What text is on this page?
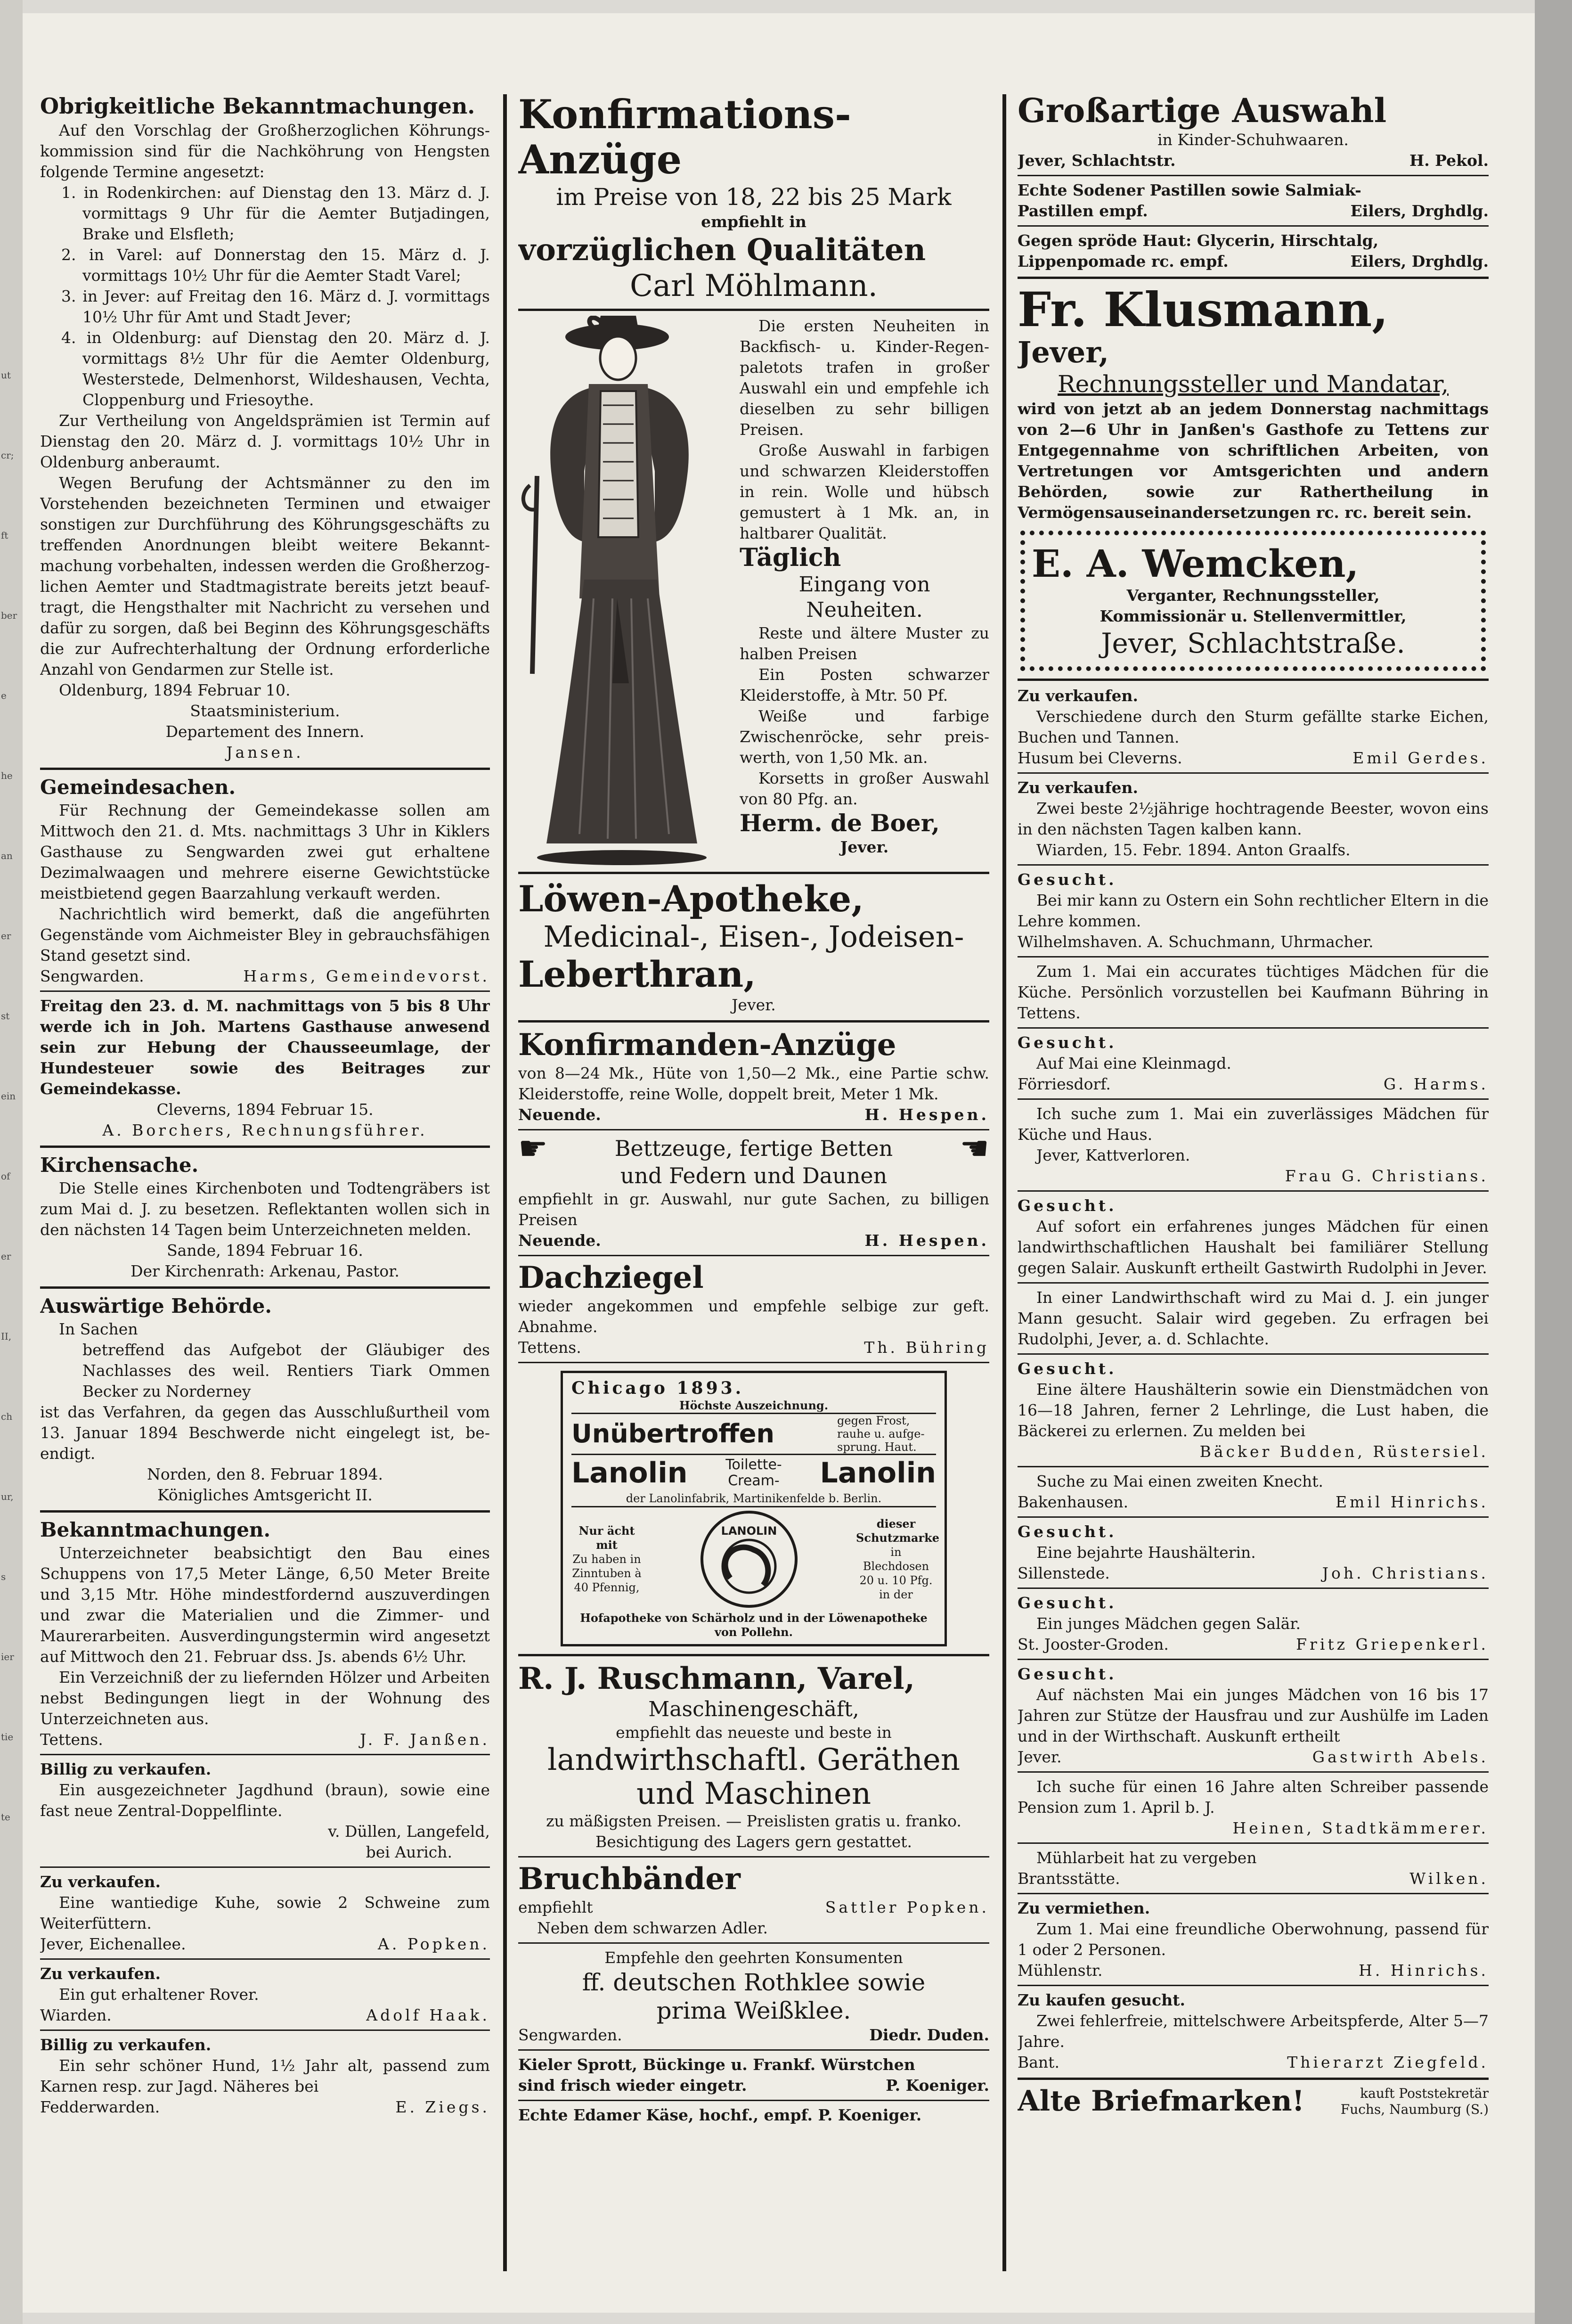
ut
cr;
ft
ber
e
he
an
er
st
ein
of
er
II,
ch
ur,
s
ier
tie
te

Obrigkeitliche Bekanntmachungen.

Auf den Vorschlag der Großherzoglichen Köhrungskommission sind für die Nachköhrung von Hengsten folgende Termine angesetzt:

1. in Rodenkirchen: auf Dienstag den 13. März d. J. vormittags 9 Uhr für die Aemter Butjadingen, Brake und Elsfleth;

2. in Varel: auf Donnerstag den 15. März d. J. vormittags 10½ Uhr für die Aemter Stadt Varel;

3. in Jever: auf Freitag den 16. März d. J. vormittags 10½ Uhr für Amt und Stadt Jever;

4. in Oldenburg: auf Dienstag den 20. März d. J. vormittags 8½ Uhr für die Aemter Oldenburg, Westerstede, Delmenhorst, Wildeshausen, Vechta, Cloppenburg und Friesoythe.

Zur Vertheilung von Angeldsprämien ist Termin auf Dienstag den 20. März d. J. vormittags 10½ Uhr in Oldenburg anberaumt.

Wegen Berufung der Achtsmänner zu den im Vorstehenden bezeichneten Terminen und etwaiger sonstigen zur Durchführung des Köhrungsgeschäfts zu treffenden Anordnungen bleibt weitere Bekanntmachung vorbehalten, indessen werden die Großherzoglichen Aemter und Stadtmagistrate bereits jetzt beauftragt, die Hengsthalter mit Nachricht zu versehen und dafür zu sorgen, daß bei Beginn des Köhrungsgeschäfts die zur Aufrechterhaltung der Ordnung erforderliche Anzahl von Gendarmen zur Stelle ist.

Oldenburg, 1894 Februar 10.

Staatsministerium.

Departement des Innern.

Jansen.

Gemeindesachen.

Für Rechnung der Gemeindekasse sollen am Mittwoch den 21. d. Mts. nachmittags 3 Uhr in Kiklers Gasthause zu Sengwarden zwei gut erhaltene Dezimalwaagen und mehrere eiserne Gewichtstücke meistbietend gegen Baarzahlung verkauft werden.

Nachrichtlich wird bemerkt, daß die angeführten Gegenstände vom Aichmeister Bley in gebrauchsfähigen Stand gesetzt sind.

Sengwarden.	Harms, Gemeindevorst.

Freitag den 23. d. M. nachmittags von 5 bis 8 Uhr werde ich in Joh. Martens Gasthause anwesend sein zur Hebung der Chausseeumlage, der Hundesteuer sowie des Beitrages zur Gemeindekasse.

Cleverns, 1894 Februar 15.

A. Borchers, Rechnungsführer.

Kirchensache.

Die Stelle eines Kirchenboten und Todtengräbers ist zum Mai d. J. zu besetzen. Reflektanten wollen sich in den nächsten 14 Tagen beim Unterzeichneten melden.

Sande, 1894 Februar 16.

Der Kirchenrath: Arkenau, Pastor.

Auswärtige Behörde.

In Sachen

betreffend das Aufgebot der Gläubiger des Nachlasses des weil. Rentiers Tiark Ommen Becker zu Norderney

ist das Verfahren, da gegen das Ausschlußurtheil vom 13. Januar 1894 Beschwerde nicht eingelegt ist, beendigt.

Norden, den 8. Februar 1894.

Königliches Amtsgericht II.

Bekanntmachungen.

Unterzeichneter beabsichtigt den Bau eines Schuppens von 17,5 Meter Länge, 6,50 Meter Breite und 3,15 Mtr. Höhe mindestfordernd auszuverdingen und zwar die Materialien und die Zimmer- und Maurerarbeiten. Ausverdingungstermin wird angesetzt auf Mittwoch den 21. Februar dss. Js. abends 6½ Uhr.

Ein Verzeichniß der zu liefernden Hölzer und Arbeiten nebst Bedingungen liegt in der Wohnung des Unterzeichneten aus.

Tettens.	J. F. Janßen.

Billig zu verkaufen.

Ein ausgezeichneter Jagdhund (braun), sowie eine fast neue Zentral-Doppelflinte.

v. Düllen, Langefeld,

bei Aurich.

Zu verkaufen.

Eine wantiedige Kuhe, sowie 2 Schweine zum Weiterfüttern.

Jever, Eichenallee.	A. Popken.

Zu verkaufen.

Ein gut erhaltener Rover.

Wiarden.	Adolf Haak.

Billig zu verkaufen.

Ein sehr schöner Hund, 1½ Jahr alt, passend zum Karnen resp. zur Jagd. Näheres bei

Fedderwarden.	E. Ziegs.

Konfirmations-Anzüge

im Preise von 18, 22 bis 25 Mark

empfiehlt in

vorzüglichen Qualitäten

Carl Möhlmann.

Die ersten Neuheiten in Backfisch- u. Kinder-Regenpaletots trafen in großer Auswahl ein und empfehle ich dieselben zu sehr billigen Preisen.

Große Auswahl in farbigen und schwarzen Kleiderstoffen in rein. Wolle und hübsch gemustert à 1 Mk. an, in haltbarer Qualität.

Täglich

Eingang von Neuheiten.

Reste und ältere Muster zu halben Preisen

Ein Posten schwarzer Kleiderstoffe, à Mtr. 50 Pf.

Weiße und farbige Zwischenröcke, sehr preiswerth, von 1,50 Mk. an.

Korsetts in großer Auswahl von 80 Pfg. an.

Herm. de Boer,

Jever.

Löwen-Apotheke,

Medicinal-, Eisen-, Jodeisen-

Leberthran,

Jever.

Konfirmanden-Anzüge

von 8—24 Mk., Hüte von 1,50—2 Mk., eine Partie schw. Kleiderstoffe, reine Wolle, doppelt breit, Meter 1 Mk.

Neuende.	H. Hespen.
☛	Bettzeuge, fertige Betten ☚

und Federn und Daunen

empfiehlt in gr. Auswahl, nur gute Sachen, zu billigen Preisen

Neuende.	H. Hespen.

Dachziegel

wieder angekommen und empfehle selbige zur geft. Abnahme.

Tettens.	Th. Bühring

Chicago 1893.

Höchste Auszeichnung.

Unübertroffen	gegen Frost, rauhe u. aufgesprung. Haut.
Lanolin	Toilette-Cream-	Lanolin

der Lanolinfabrik, Martinikenfelde b. Berlin.

Nur ächt mit

Zu haben in Zinntuben à 40 Pfennig,

LANOLIN

dieser Schutzmarke

in Blechdosen 20 u. 10 Pfg. in der

Hofapotheke von Schärholz und in der Löwenapotheke von Pollehn.

R. J. Ruschmann, Varel,

Maschinengeschäft,

empfiehlt das neueste und beste in

landwirthschaftl. Geräthen

und Maschinen

zu mäßigsten Preisen. — Preislisten gratis u. franko.

Besichtigung des Lagers gern gestattet.

Bruchbänder

empfiehlt	Sattler Popken.

Neben dem schwarzen Adler.

Empfehle den geehrten Konsumenten

ff. deutschen Rothklee sowie

prima Weißklee.

Sengwarden.	Diedr. Duden.

Kieler Sprott, Bückinge u. Frankf. Würstchen

sind frisch wieder eingetr.	P. Koeniger.

Echte Edamer Käse, hochf., empf. P. Koeniger.

Großartige Auswahl

in Kinder-Schuhwaaren.

Jever, Schlachtstr.	H. Pekol.

Echte Sodener Pastillen sowie Salmiak-

Pastillen empf.	Eilers, Drghdlg.

Gegen spröde Haut: Glycerin, Hirschtalg,

Lippenpomade rc. empf.	Eilers, Drghdlg.

Fr. Klusmann,

Jever,

Rechnungssteller und Mandatar,

wird von jetzt ab an jedem Donnerstag nachmittags von 2—6 Uhr in Janßen's Gasthofe zu Tettens zur Entgegennahme von schriftlichen Arbeiten, von Vertretungen vor Amtsgerichten und andern Behörden, sowie zur Rathertheilung in Vermögensauseinandersetzungen rc. rc. bereit sein.

E. A. Wemcken,

Verganter, Rechnungssteller,

Kommissionär u. Stellenvermittler,

Jever, Schlachtstraße.

Zu verkaufen.

Verschiedene durch den Sturm gefällte starke Eichen, Buchen und Tannen.

Husum bei Cleverns.	Emil Gerdes.

Zu verkaufen.

Zwei beste 2½jährige hochtragende Beester, wovon eins in den nächsten Tagen kalben kann.

Wiarden, 15. Febr. 1894. Anton Graalfs.

Gesucht.

Bei mir kann zu Ostern ein Sohn rechtlicher Eltern in die Lehre kommen.

Wilhelmshaven. A. Schuchmann, Uhrmacher.

Zum 1. Mai ein accurates tüchtiges Mädchen für die Küche. Persönlich vorzustellen bei Kaufmann Bühring in Tettens.

Gesucht.

Auf Mai eine Kleinmagd.

Förriesdorf.	G. Harms.

Ich suche zum 1. Mai ein zuverlässiges Mädchen für Küche und Haus.

Jever, Kattverloren.

Frau G. Christians.

Gesucht.

Auf sofort ein erfahrenes junges Mädchen für einen landwirthschaftlichen Haushalt bei familiärer Stellung gegen Salair. Auskunft ertheilt Gastwirth Rudolphi in Jever.

In einer Landwirthschaft wird zu Mai d. J. ein junger Mann gesucht. Salair wird gegeben. Zu erfragen bei Rudolphi, Jever, a. d. Schlachte.

Gesucht.

Eine ältere Haushälterin sowie ein Dienstmädchen von 16—18 Jahren, ferner 2 Lehrlinge, die Lust haben, die Bäckerei zu erlernen. Zu melden bei

Bäcker Budden, Rüstersiel.

Suche zu Mai einen zweiten Knecht.

Bakenhausen.	Emil Hinrichs.

Gesucht.

Eine bejahrte Haushälterin.

Sillenstede.	Joh. Christians.

Gesucht.

Ein junges Mädchen gegen Salär.

St. Jooster-Groden.	Fritz Griepenkerl.

Gesucht.

Auf nächsten Mai ein junges Mädchen von 16 bis 17 Jahren zur Stütze der Hausfrau und zur Aushülfe im Laden und in der Wirthschaft. Auskunft ertheilt

Jever.	Gastwirth Abels.

Ich suche für einen 16 Jahre alten Schreiber passende Pension zum 1. April b. J.

Heinen, Stadtkämmerer.

Mühlarbeit hat zu vergeben

Brantsstätte.	Wilken.

Zu vermiethen.

Zum 1. Mai eine freundliche Oberwohnung, passend für 1 oder 2 Personen.

Mühlenstr.	H. Hinrichs.

Zu kaufen gesucht.

Zwei fehlerfreie, mittelschwere Arbeitspferde, Alter 5—7 Jahre.

Bant.	Thierarzt Ziegfeld.
Alte Briefmarken!	kauft Poststekretär
Fuchs, Naumburg (S.)
